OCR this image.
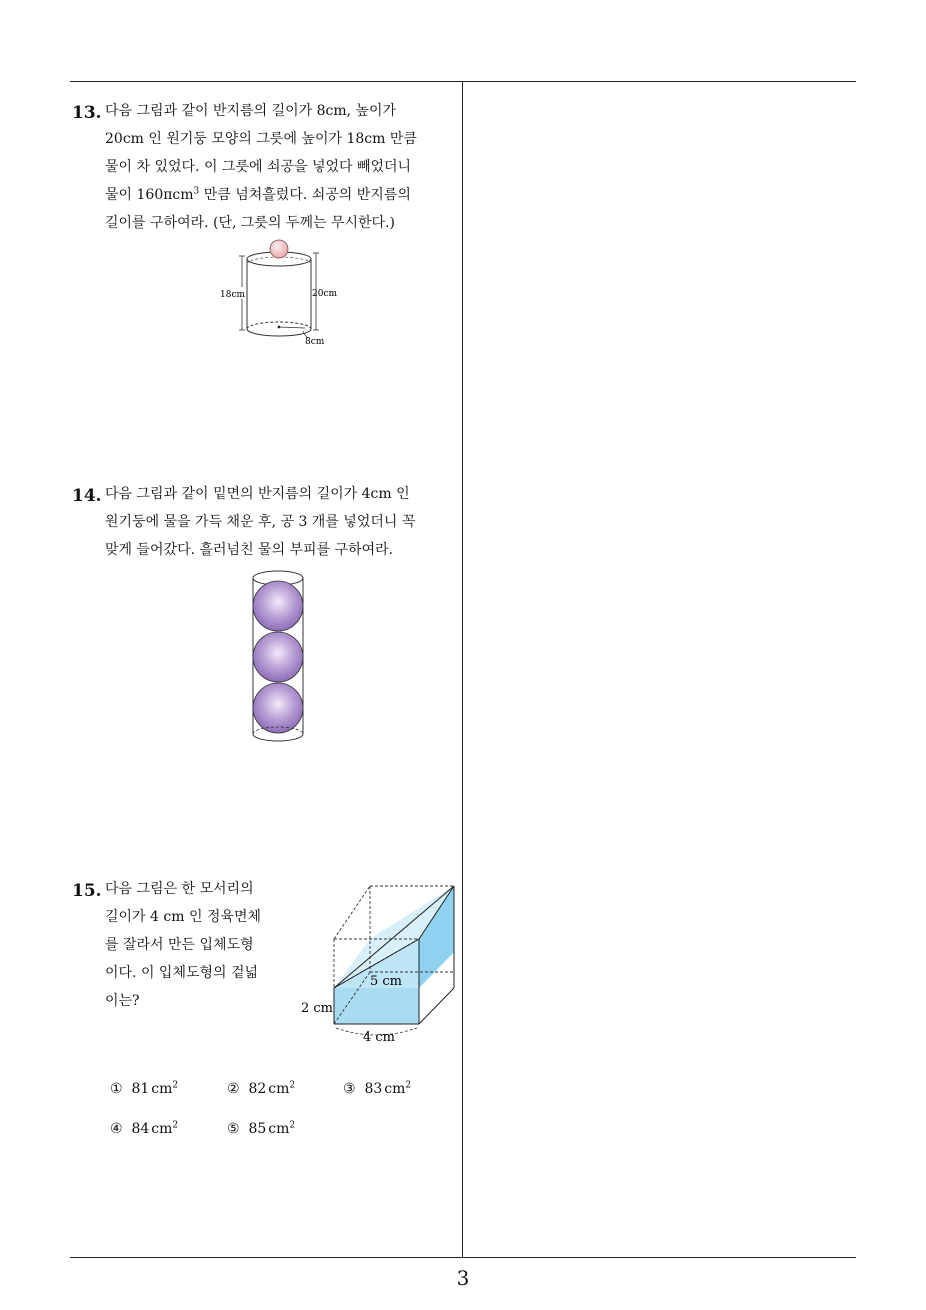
13. 다음 그림과 같이 반지름의 길이가 8cm, 높이가
20cm 인 원기둥 모양의 그릇에 높이가 18cm 만큼
물이 차 있었다. 이 그릇에 쇠공을 넣었다 빼었더니
물이 160πcm$^3$ 만큼 넘쳐흘렀다. 쇠공의 반지름의
길이를 구하여라. (단, 그릇의 두께는 무시한다.)
18cm	20cm
8cm
14. 다음 그림과 같이 밑면의 반지름의 길이가 4cm 인
원기둥에 물을 가득 채운 후, 공 3 개를 넣었더니 꼭
맞게 들어갔다. 흘러넘친 물의 부피를 구하여라.
15. 다음 그림은 한 모서리의
길이가 4 cm 인 정육면체
를 잘라서 만든 입체도형
이다. 이 입체도형의 겉넓
이는?
5 cm
2 cm
4 cm
① 81 $cm^2$	② 82 $cm^2$	③ 83 $cm^2$
④ 84 $cm^2$	⑤ 85 $cm^2$
3
